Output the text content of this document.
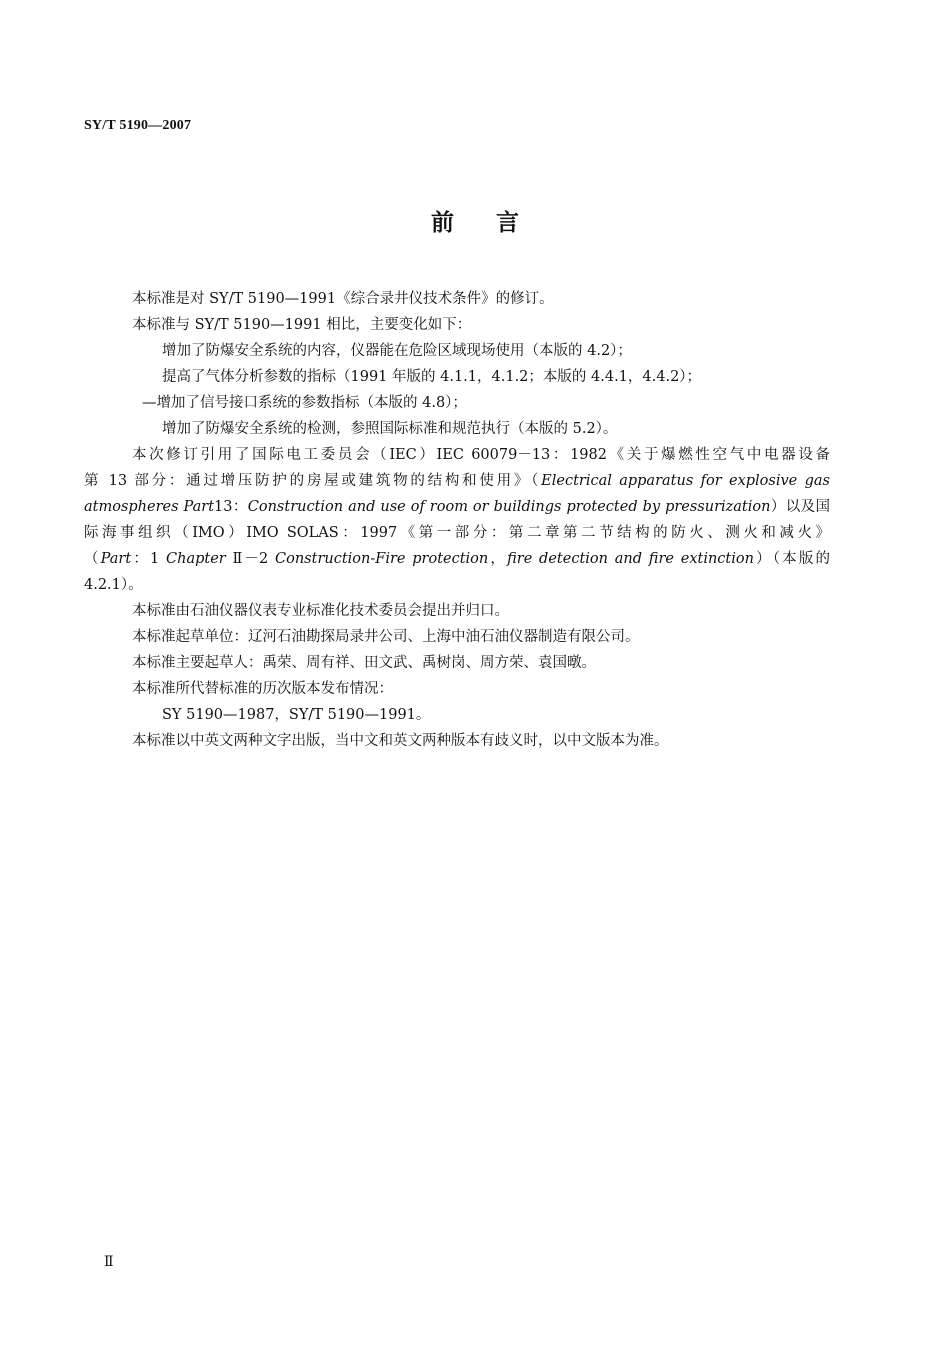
SY/T 5190—2007
前言
本标准是对 SY/T 5190—1991《综合录井仪技术条件》的修订。
本标准与 SY/T 5190—1991 相比，主要变化如下：
增加了防爆安全系统的内容，仪器能在危险区域现场使用（本版的 4.2）；
提高了气体分析参数的指标（1991 年版的 4.1.1，4.1.2；本版的 4.4.1，4.4.2）；
—增加了信号接口系统的参数指标（本版的 4.8）；
增加了防爆安全系统的检测，参照国际标准和规范执行（本版的 5.2）。
本次修订引用了国际电工委员会（IEC）IEC 60079－13：1982《关于爆燃性空气中电器设备
第 13 部分：通过增压防护的房屋或建筑物的结构和使用》（Electrical apparatus for explosive gas
atmospheres Part13：Construction and use of room or buildings protected by pressurization）以及国
际海事组织（IMO）IMO SOLAS：1997《第一部分：第二章第二节结构的防火、测火和减火》
（Part：1 Chapter Ⅱ－2 Construction-Fire protection，fire detection and fire extinction）（本版的
4.2.1）。
本标准由石油仪器仪表专业标准化技术委员会提出并归口。
本标准起草单位：辽河石油勘探局录井公司、上海中油石油仪器制造有限公司。
本标准主要起草人：禹荣、周有祥、田文武、禹树岗、周方荣、袁国暾。
本标准所代替标准的历次版本发布情况：
SY 5190—1987，SY/T 5190—1991。
本标准以中英文两种文字出版，当中文和英文两种版本有歧义时，以中文版本为准。
Ⅱ
